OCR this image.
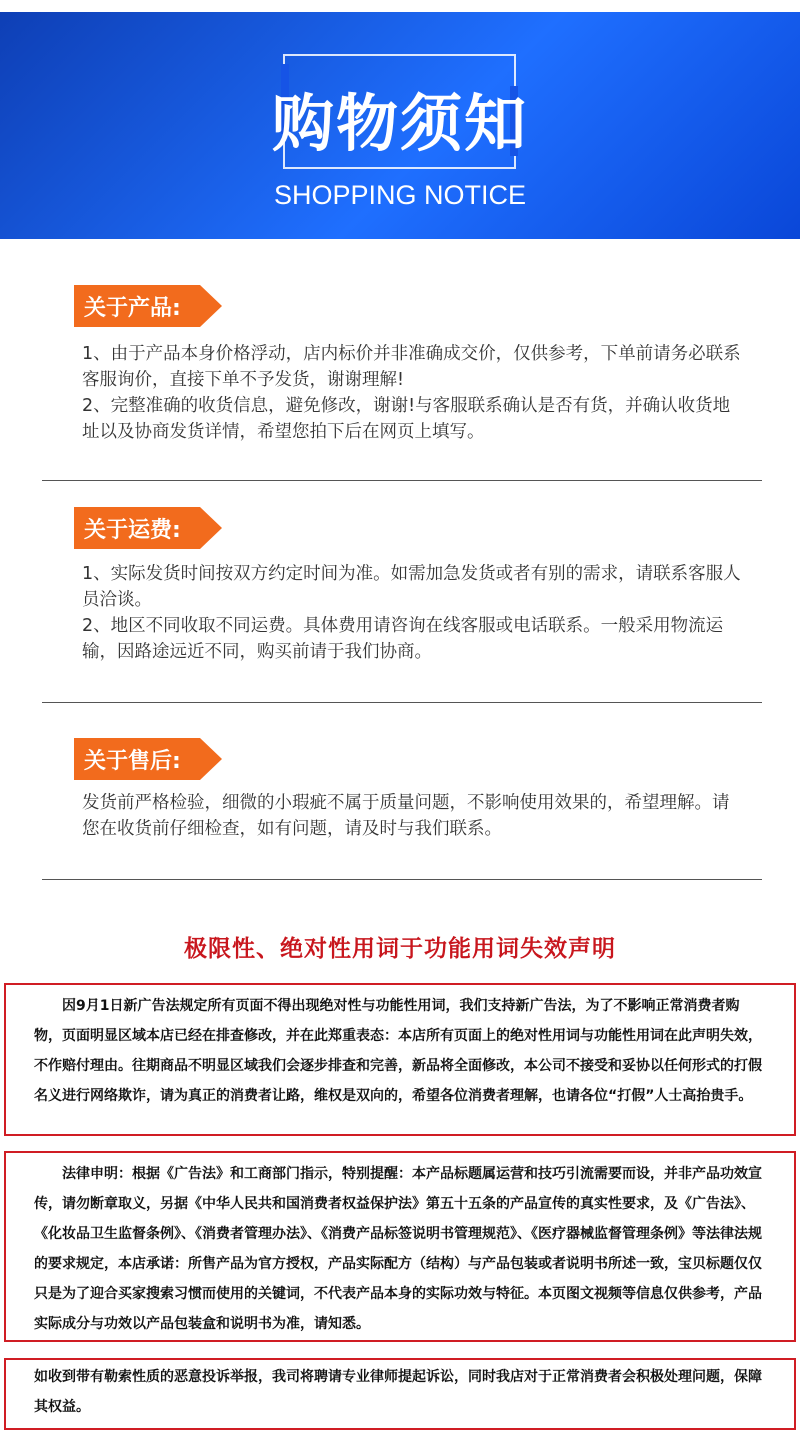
购物须知
SHOPPING NOTICE
关于产品:

1、由于产品本身价格浮动，店内标价并非准确成交价，仅供参考，下单前请务必联系客服询价，直接下单不予发货，谢谢理解!

2、完整准确的收货信息，避免修改，谢谢!与客服联系确认是否有货，并确认收货地址以及协商发货详情，希望您拍下后在网页上填写。

关于运费:

1、实际发货时间按双方约定时间为准。如需加急发货或者有别的需求，请联系客服人员洽谈。

2、地区不同收取不同运费。具体费用请咨询在线客服或电话联系。一般采用物流运输，因路途远近不同，购买前请于我们协商。

关于售后:

发货前严格检验，细微的小瑕疵不属于质量问题，不影响使用效果的，希望理解。请您在收货前仔细检查，如有问题，请及时与我们联系。

极限性、绝对性用词于功能用词失效声明

因9月1日新广告法规定所有页面不得出现绝对性与功能性用词，我们支持新广告法，为了不影响正常消费者购物，页面明显区域本店已经在排查修改，并在此郑重表态：本店所有页面上的绝对性用词与功能性用词在此声明失效，不作赔付理由。往期商品不明显区域我们会逐步排查和完善，新品将全面修改，本公司不接受和妥协以任何形式的打假名义进行网络欺诈，请为真正的消费者让路，维权是双向的，希望各位消费者理解，也请各位“打假”人士高抬贵手。

法律申明：根据《广告法》和工商部门指示，特别提醒：本产品标题属运营和技巧引流需要而设，并非产品功效宣传，请勿断章取义，另据《中华人民共和国消费者权益保护法》第五十五条的产品宣传的真实性要求，及《广告法》、《化妆品卫生监督条例》、《消费者管理办法》、《消费产品标签说明书管理规范》、《医疗器械监督管理条例》等法律法规的要求规定，本店承诺：所售产品为官方授权，产品实际配方（结构）与产品包装或者说明书所述一致，宝贝标题仅仅只是为了迎合买家搜索习惯而使用的关键词，不代表产品本身的实际功效与特征。本页图文视频等信息仅供参考，产品实际成分与功效以产品包装盒和说明书为准，请知悉。

如收到带有勒索性质的恶意投诉举报，我司将聘请专业律师提起诉讼，同时我店对于正常消费者会积极处理问题，保障其权益。
